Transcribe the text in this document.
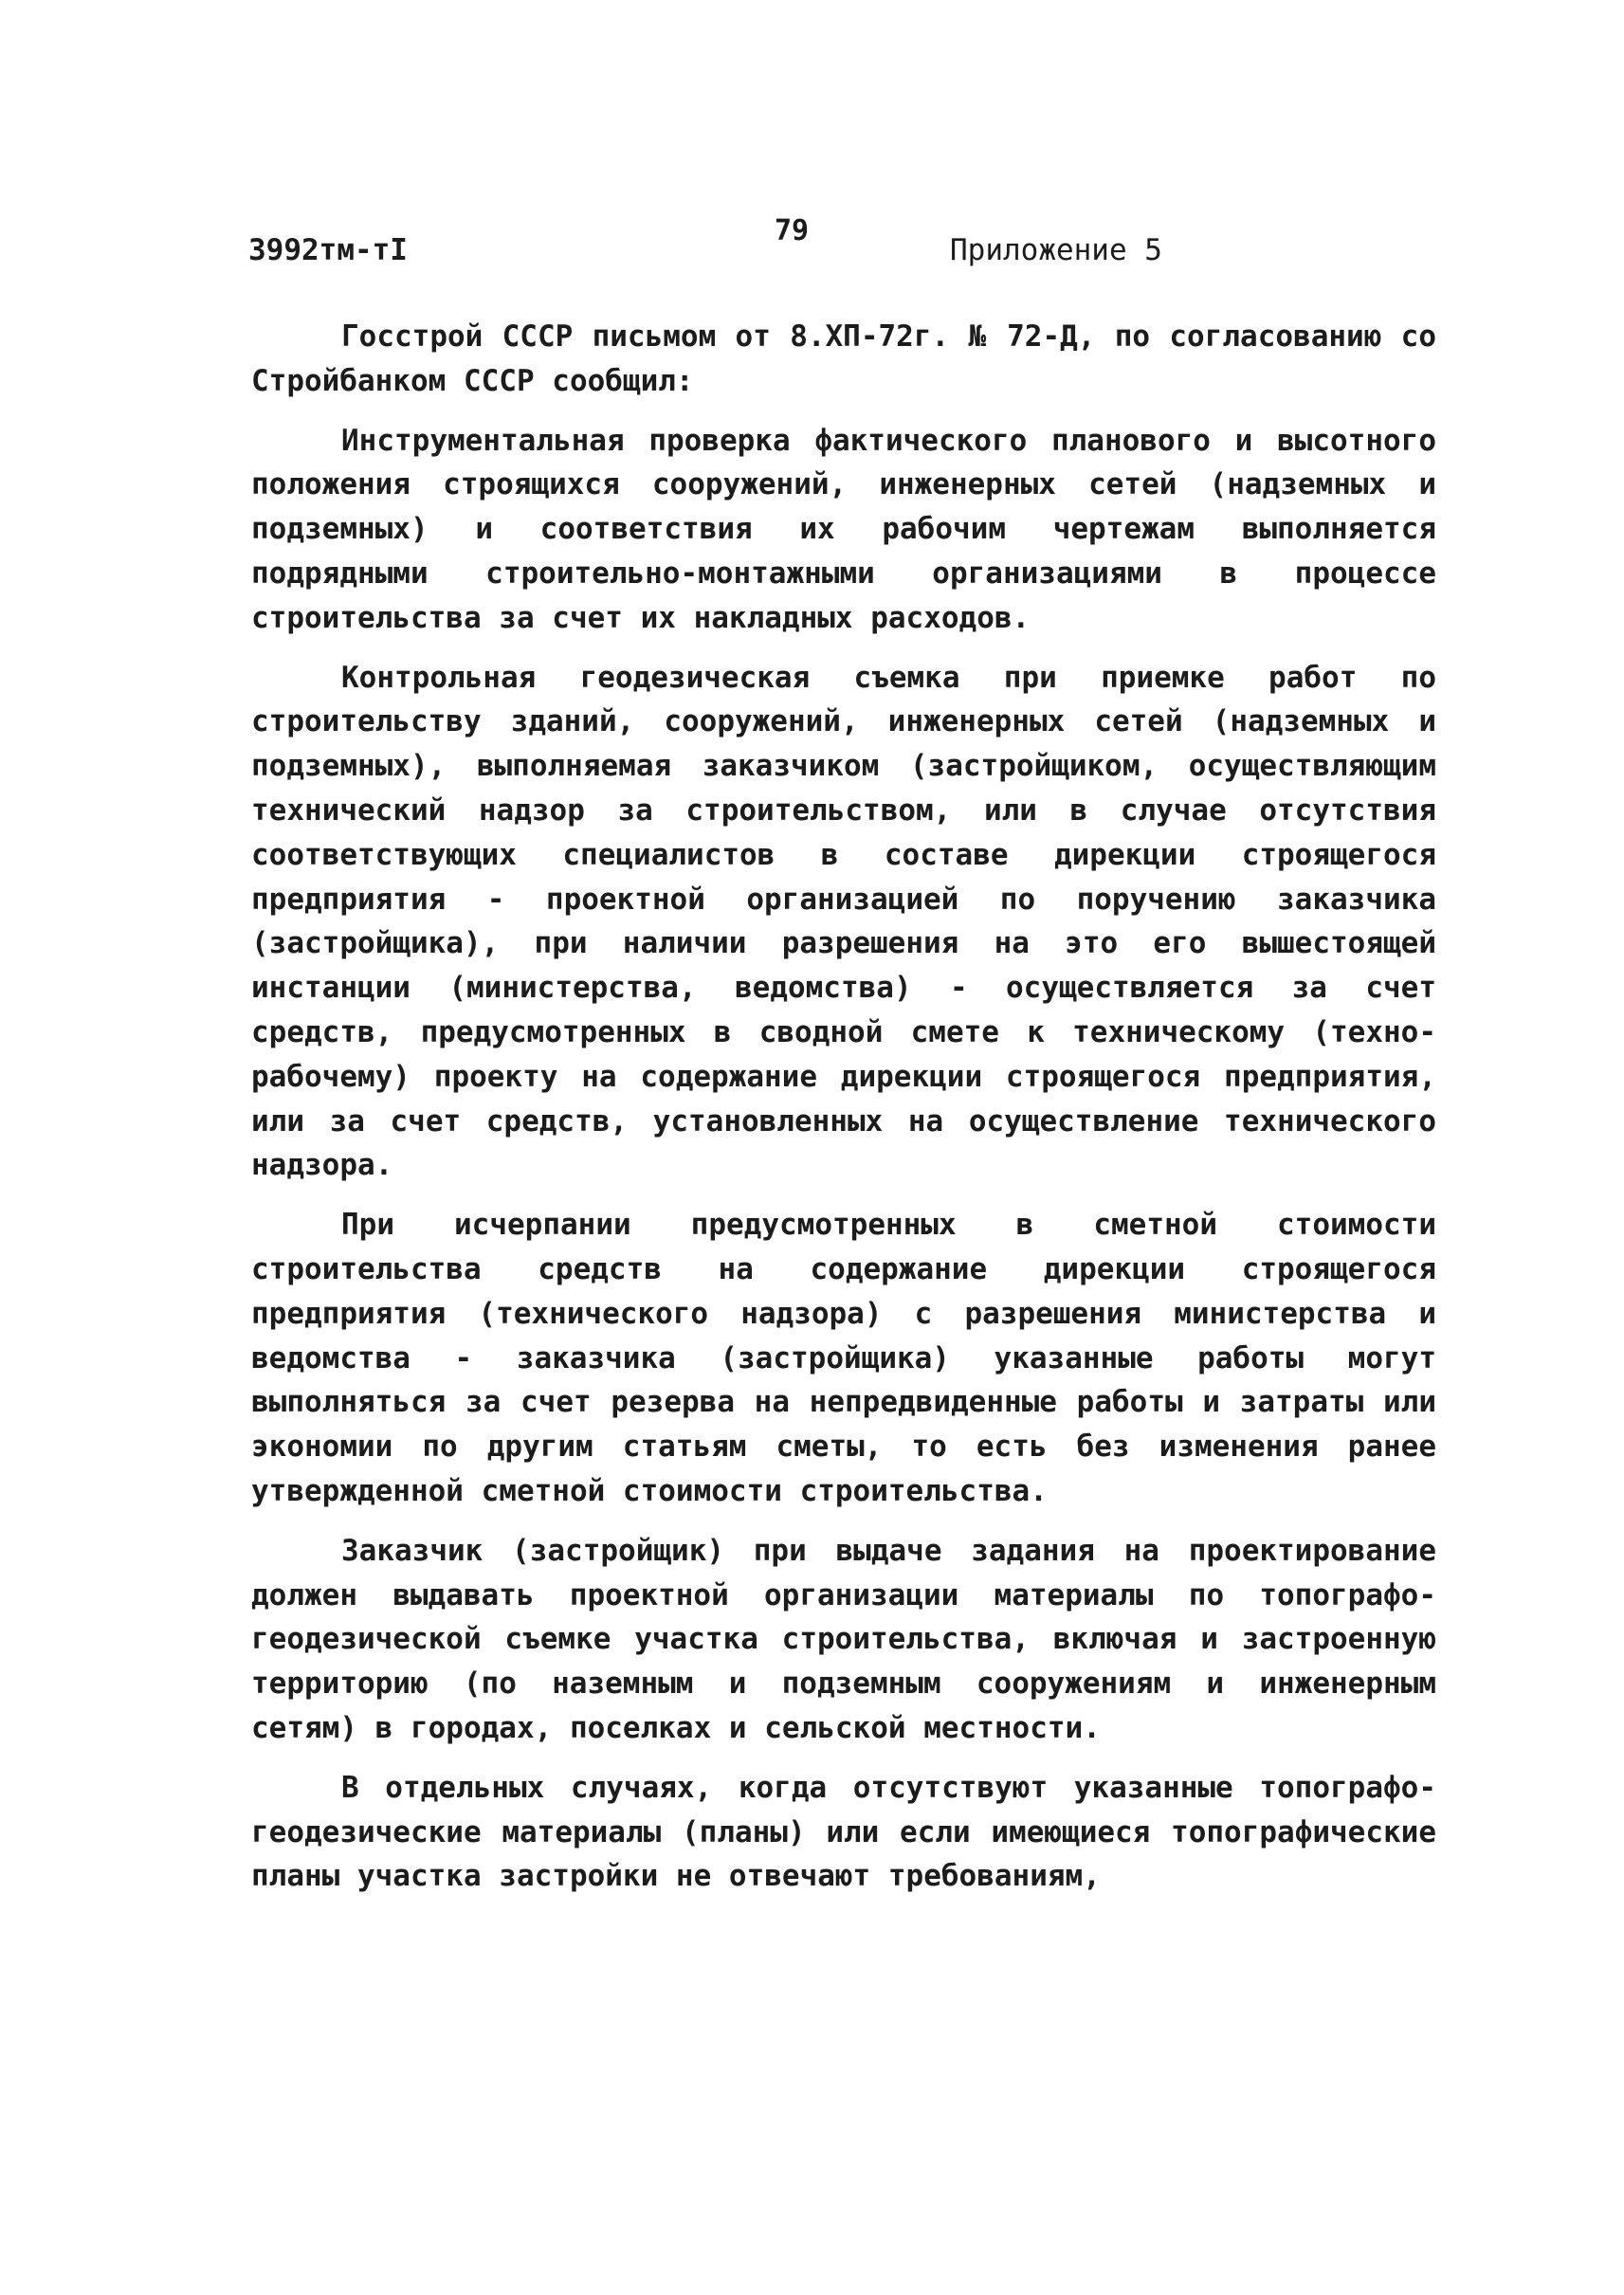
3992тм-тI
79
Приложение 5

Госстрой СССР письмом от 8.ХП-72г. № 72-Д, по согласованию со Стройбанком СССР сообщил:

Инструментальная проверка фактического планового и высотного положения строящихся сооружений, инженерных сетей (надземных и подземных) и соответствия их рабочим чертежам выполняется подрядными строительно-монтажными организациями в процессе строительства за счет их накладных расходов.

Контрольная геодезическая съемка при приемке работ по строительству зданий, сооружений, инженерных сетей (надземных и подземных), выполняемая заказчиком (застройщиком, осуществляющим технический надзор за строительством, или в случае отсутствия соответствующих специалистов в составе дирекции строящегося предприятия - проектной организацией по поручению заказчика (застройщика), при наличии разрешения на это его вышестоящей инстанции (министерства, ведомства) - осуществляется за счет средств, предусмотренных в сводной смете к техническому (техно-рабочему) проекту на содержание дирекции строящегося предприятия, или за счет средств, установленных на осуществление технического надзора.

При исчерпании предусмотренных в сметной стоимости строительства средств на содержание дирекции строящегося предприятия (технического надзора) с разрешения министерства и ведомства - заказчика (застройщика) указанные работы могут выполняться за счет резерва на непредвиденные работы и затраты или экономии по другим статьям сметы, то есть без изменения ранее утвержденной сметной стоимости строительства.

Заказчик (застройщик) при выдаче задания на проектирование должен выдавать проектной организации материалы по топографо-геодезической съемке участка строительства, включая и застроенную территорию (по наземным и подземным сооружениям и инженерным сетям) в городах, поселках и сельской местности.

В отдельных случаях, когда отсутствуют указанные топографо-геодезические материалы (планы) или если имеющиеся топографические планы участка застройки не отвечают требованиям,
